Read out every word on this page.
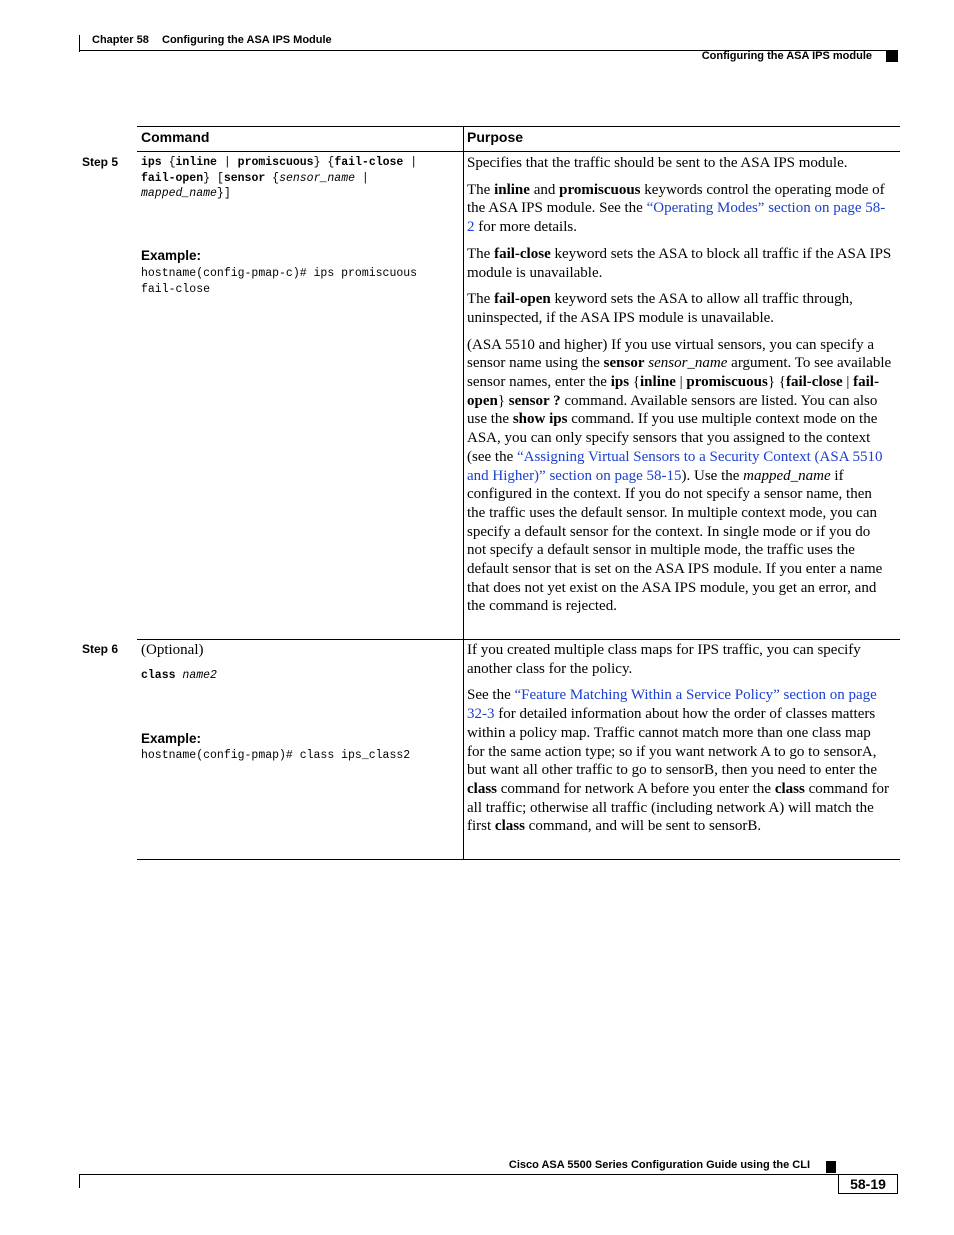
Chapter 58 Configuring the ASA IPS Module
Configuring the ASA IPS module
Command	Purpose
Step 5 ips {inline | promiscuous} {fail-close |
fail-open} [sensor {sensor_name |
mapped_name}]
Example:
hostname(config-pmap-c)# ips promiscuous
fail-close

Specifies that the traffic should be sent to the ASA IPS module.

The inline and promiscuous keywords control the operating mode of the ASA IPS module. See the “Operating Modes” section on page 58-2 for more details.

The fail-close keyword sets the ASA to block all traffic if the ASA IPS module is unavailable.

The fail-open keyword sets the ASA to allow all traffic through, uninspected, if the ASA IPS module is unavailable.

(ASA 5510 and higher) If you use virtual sensors, you can specify a sensor name using the sensor sensor_name argument. To see available sensor names, enter the ips {inline | promiscuous} {fail-close | fail-open} sensor ? command. Available sensors are listed. You can also use the show ips command. If you use multiple context mode on the ASA, you can only specify sensors that you assigned to the context (see the “Assigning Virtual Sensors to a Security Context (ASA 5510 and Higher)” section on page 58-15). Use the mapped_name if configured in the context. If you do not specify a sensor name, then the traffic uses the default sensor. In multiple context mode, you can specify a default sensor for the context. In single mode or if you do not specify a default sensor in multiple mode, the traffic uses the default sensor that is set on the ASA IPS module. If you enter a name that does not yet exist on the ASA IPS module, you get an error, and the command is rejected.

Step 6 (Optional)
class name2
Example:
hostname(config-pmap)# class ips_class2

If you created multiple class maps for IPS traffic, you can specify another class for the policy.

See the “Feature Matching Within a Service Policy” section on page 32-3 for detailed information about how the order of classes matters within a policy map. Traffic cannot match more than one class map for the same action type; so if you want network A to go to sensorA, but want all other traffic to go to sensorB, then you need to enter the class command for network A before you enter the class command for all traffic; otherwise all traffic (including network A) will match the first class command, and will be sent to sensorB.

Cisco ASA 5500 Series Configuration Guide using the CLI
58-19
